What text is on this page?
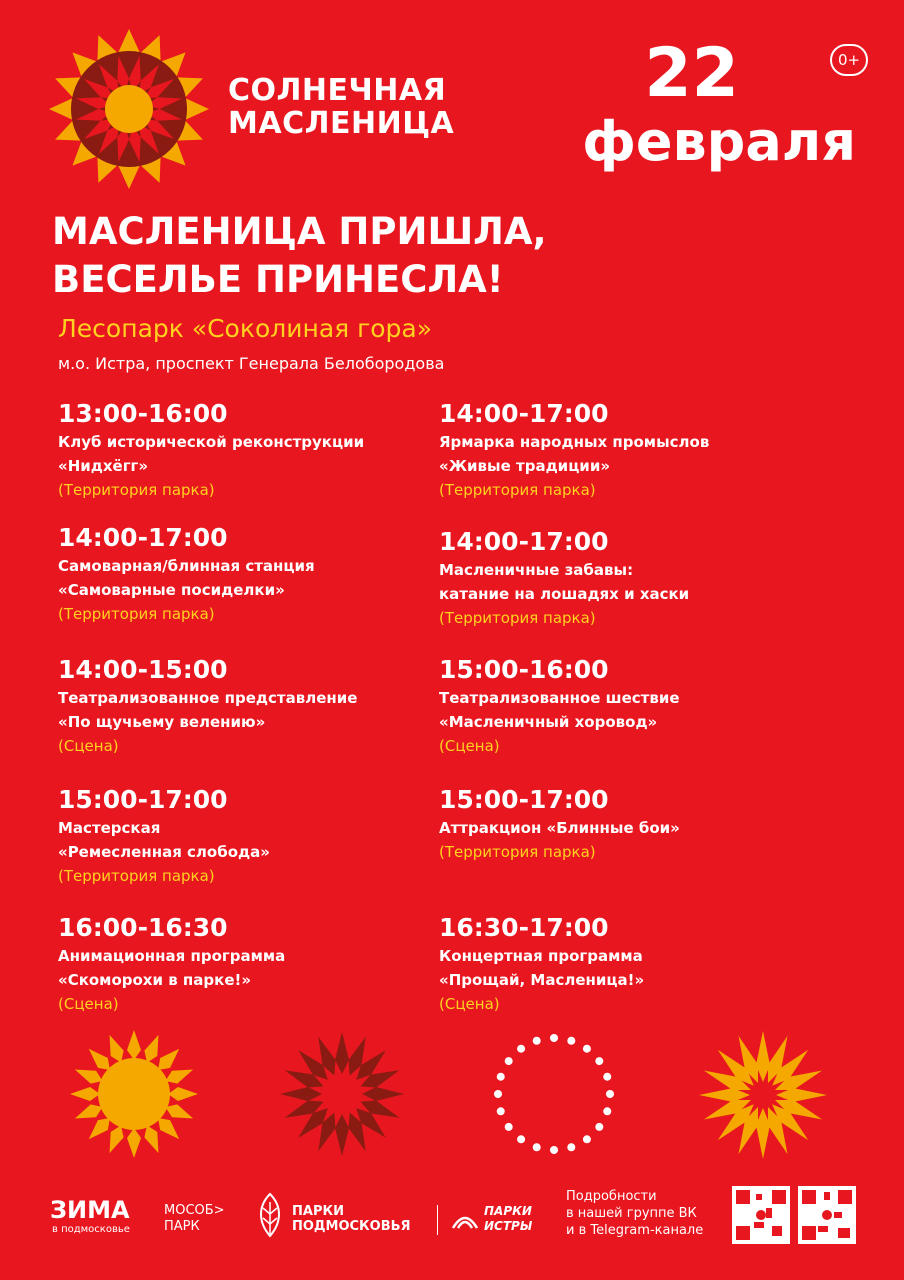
СОЛНЕЧНАЯ
МАСЛЕНИЦА
22
февраля
0+
МАСЛЕНИЦА ПРИШЛА,
ВЕСЕЛЬЕ ПРИНЕСЛА!
Лесопарк «Соколиная гора»
м.о. Истра, проспект Генерала Белобородова
13:00-16:00
Клуб исторической реконструкции
«Нидхёгг»
(Территория парка)
14:00-17:00
Самоварная/блинная станция
«Самоварные посиделки»
(Территория парка)
14:00-15:00
Театрализованное представление
«По щучьему велению»
(Сцена)
15:00-17:00
Мастерская
«Ремесленная слобода»
(Территория парка)
16:00-16:30
Анимационная программа
«Скоморохи в парке!»
(Сцена)
14:00-17:00
Ярмарка народных промыслов
«Живые традиции»
(Территория парка)
14:00-17:00
Масленичные забавы:
катание на лошадях и хаски
(Территория парка)
15:00-16:00
Театрализованное шествие
«Масленичный хоровод»
(Сцена)
15:00-17:00
Аттракцион «Блинные бои»
(Территория парка)
16:30-17:00
Концертная программа
«Прощай, Масленица!»
(Сцена)
ЗИМА
в подмосковье
МОСОБ>
ПАРК
ПАРКИ
ПОДМОСКОВЬЯ
ПАРКИ
ИСТРЫ
Подробности
в нашей группе ВК
и в Telegram-канале
